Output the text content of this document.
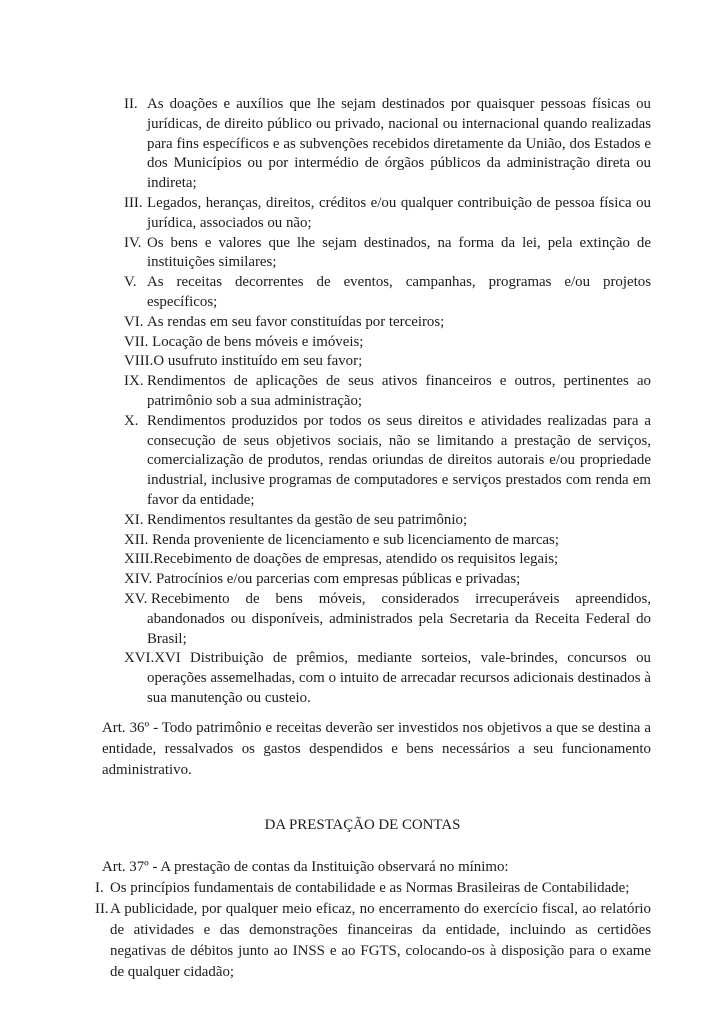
II. As doações e auxílios que lhe sejam destinados por quaisquer pessoas físicas ou jurídicas, de direito público ou privado, nacional ou internacional quando realizadas para fins específicos e as subvenções recebidos diretamente da União, dos Estados e dos Municípios ou por intermédio de órgãos públicos da administração direta ou indireta;
III. Legados, heranças, direitos, créditos e/ou qualquer contribuição de pessoa física ou jurídica, associados ou não;
IV. Os bens e valores que lhe sejam destinados, na forma da lei, pela extinção de instituições similares;
V. As receitas decorrentes de eventos, campanhas, programas e/ou projetos específicos;
VI. As rendas em seu favor constituídas por terceiros;
VII. Locação de bens móveis e imóveis;
VIII.O usufruto instituído em seu favor;
IX. Rendimentos de aplicações de seus ativos financeiros e outros, pertinentes ao patrimônio sob a sua administração;
X. Rendimentos produzidos por todos os seus direitos e atividades realizadas para a consecução de seus objetivos sociais, não se limitando a prestação de serviços, comercialização de produtos, rendas oriundas de direitos autorais e/ou propriedade industrial, inclusive programas de computadores e serviços prestados com renda em favor da entidade;
XI. Rendimentos resultantes da gestão de seu patrimônio;
XII. Renda proveniente de licenciamento e sub licenciamento de marcas;
XIII.Recebimento de doações de empresas, atendido os requisitos legais;
XIV. Patrocínios e/ou parcerias com empresas públicas e privadas;
XV. Recebimento de bens móveis, considerados irrecuperáveis apreendidos, abandonados ou disponíveis, administrados pela Secretaria da Receita Federal do Brasil;
XVI.XVI Distribuição de prêmios, mediante sorteios, vale-brindes, concursos ou operações assemelhadas, com o intuito de arrecadar recursos adicionais destinados à sua manutenção ou custeio.
Art. 36º - Todo patrimônio e receitas deverão ser investidos nos objetivos a que se destina a entidade, ressalvados os gastos despendidos e bens necessários a seu funcionamento administrativo.
DA PRESTAÇÃO DE CONTAS
Art. 37º - A prestação de contas da Instituição observará no mínimo:
I. Os princípios fundamentais de contabilidade e as Normas Brasileiras de Contabilidade;
II.A publicidade, por qualquer meio eficaz, no encerramento do exercício fiscal, ao relatório de atividades e das demonstrações financeiras da entidade, incluindo as certidões negativas de débitos junto ao INSS e ao FGTS, colocando-os à disposição para o exame de qualquer cidadão;
